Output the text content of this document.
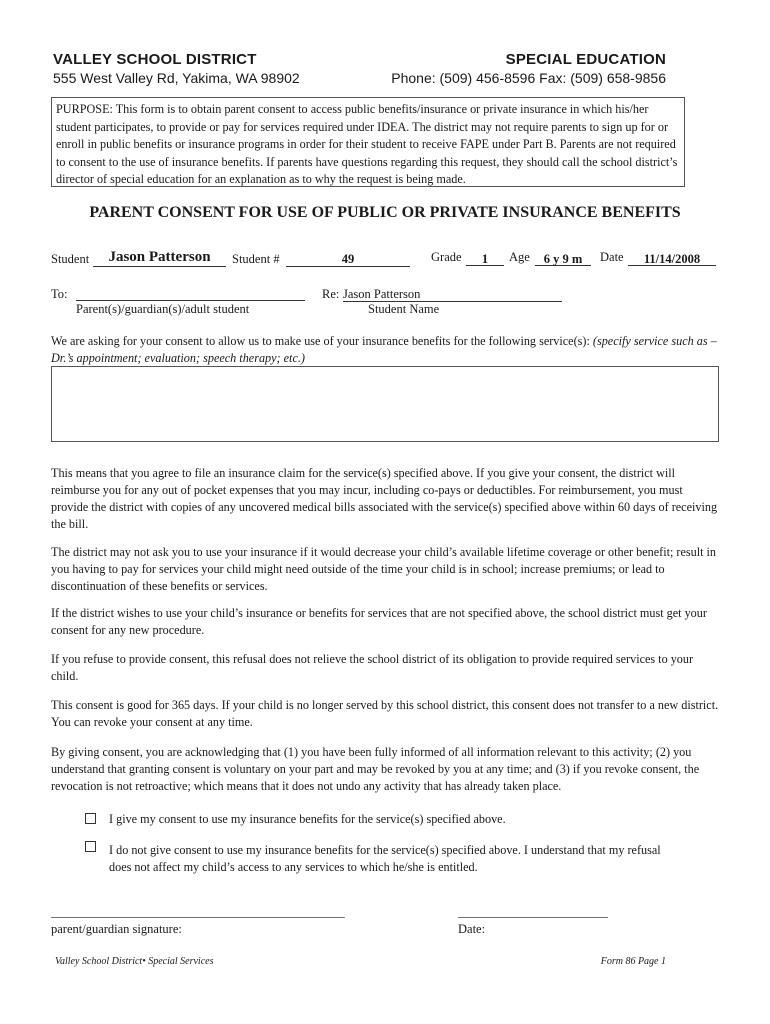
VALLEY SCHOOL DISTRICT
555 West Valley Rd, Yakima, WA 98902
SPECIAL EDUCATION
Phone: (509) 456-8596 Fax: (509) 658-9856
PURPOSE: This form is to obtain parent consent to access public benefits/insurance or private insurance in which his/her student participates, to provide or pay for services required under IDEA. The district may not require parents to sign up for or enroll in public benefits or insurance programs in order for their student to receive FAPE under Part B. Parents are not required to consent to the use of insurance benefits. If parents have questions regarding this request, they should call the school district’s director of special education for an explanation as to why the request is being made.
PARENT CONSENT FOR USE OF PUBLIC OR PRIVATE INSURANCE BENEFITS
Student	Jason Patterson	Student #	49	Grade	1	Age	6 y 9 m	Date	11/14/2008
To:
Parent(s)/guardian(s)/adult student
Re: Jason Patterson
Student Name
We are asking for your consent to allow us to make use of your insurance benefits for the following service(s): (specify service such as – Dr.’s appointment; evaluation; speech therapy; etc.)
This means that you agree to file an insurance claim for the service(s) specified above. If you give your consent, the district will reimburse you for any out of pocket expenses that you may incur, including co-pays or deductibles. For reimbursement, you must provide the district with copies of any uncovered medical bills associated with the service(s) specified above within 60 days of receiving the bill.
The district may not ask you to use your insurance if it would decrease your child’s available lifetime coverage or other benefit; result in you having to pay for services your child might need outside of the time your child is in school; increase premiums; or lead to discontinuation of these benefits or services.
If the district wishes to use your child’s insurance or benefits for services that are not specified above, the school district must get your consent for any new procedure.
If you refuse to provide consent, this refusal does not relieve the school district of its obligation to provide required services to your child.
This consent is good for 365 days. If your child is no longer served by this school district, this consent does not transfer to a new district. You can revoke your consent at any time.
By giving consent, you are acknowledging that (1) you have been fully informed of all information relevant to this activity; (2) you understand that granting consent is voluntary on your part and may be revoked by you at any time; and (3) if you revoke consent, the revocation is not retroactive; which means that it does not undo any activity that has already taken place.
I give my consent to use my insurance benefits for the service(s) specified above.
I do not give consent to use my insurance benefits for the service(s) specified above. I understand that my refusal does not affect my child’s access to any services to which he/she is entitled.
_______________________________________________
parent/guardian signature:
________________________
Date:
Valley School District• Special Services	Form 86 Page 1
